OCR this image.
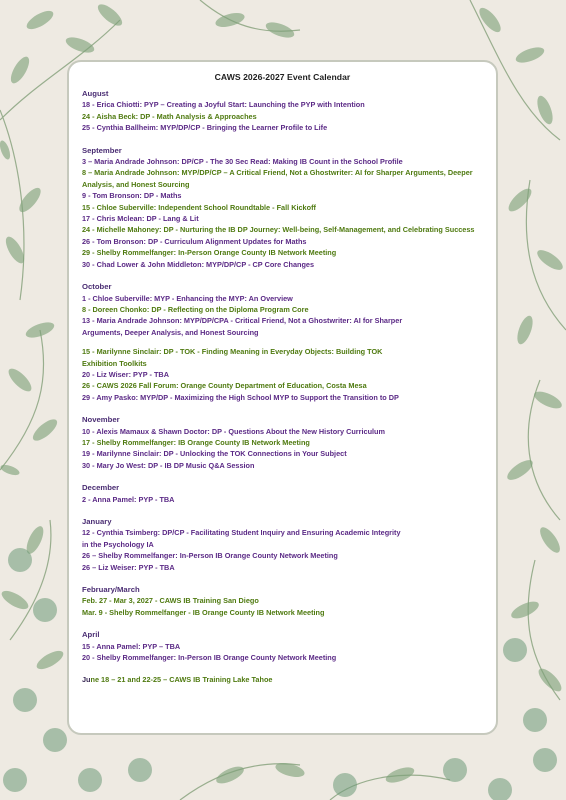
CAWS 2026-2027 Event Calendar
August
18 - Erica Chiotti: PYP – Creating a Joyful Start: Launching the PYP with Intention
24 - Aisha Beck: DP - Math Analysis & Approaches
25 - Cynthia Ballheim: MYP/DP/CP - Bringing the Learner Profile to Life
September
3 – Maria Andrade Johnson: DP/CP - The 30 Sec Read: Making IB Count in the School Profile
8 – Maria Andrade Johnson: MYP/DP/CP – A Critical Friend, Not a Ghostwriter: AI for Sharper Arguments, Deeper
Analysis, and Honest Sourcing
9 - Tom Bronson: DP - Maths
15 - Chloe Suberville: Independent School Roundtable - Fall Kickoff
17 - Chris Mclean: DP - Lang & Lit
24 - Michelle Mahoney: DP - Nurturing the IB DP Journey: Well-being, Self-Management, and Celebrating Success
26 - Tom Bronson: DP - Curriculum Alignment Updates for Maths
29 - Shelby Rommelfanger: In-Person Orange County IB Network Meeting
30 - Chad Lower & John Middleton: MYP/DP/CP - CP Core Changes
October
1 - Chloe Suberville: MYP - Enhancing the MYP: An Overview
8 - Doreen Chonko: DP - Reflecting on the Diploma Program Core
13 - Maria Andrade Johnson: MYP/DP/CPA - Critical Friend, Not a Ghostwriter: AI for Sharper
Arguments, Deeper Analysis, and Honest Sourcing
15 - Marilynne Sinclair: DP - TOK - Finding Meaning in Everyday Objects: Building TOK
Exhibition Toolkits
20 - Liz Wiser: PYP - TBA
26 - CAWS 2026 Fall Forum: Orange County Department of Education, Costa Mesa
29 - Amy Pasko: MYP/DP - Maximizing the High School MYP to Support the Transition to DP
November
10 - Alexis Mamaux & Shawn Doctor: DP - Questions About the New History Curriculum
17 - Shelby Rommelfanger: IB Orange County IB Network Meeting
19 - Marilynne Sinclair: DP - Unlocking the TOK Connections in Your Subject
30 - Mary Jo West: DP - IB DP Music Q&A Session
December
2 - Anna Pamel: PYP - TBA
January
12 - Cynthia Tsimberg: DP/CP - Facilitating Student Inquiry and Ensuring Academic Integrity
in the Psychology IA
26 – Shelby Rommelfanger: In-Person IB Orange County Network Meeting
26 – Liz Weiser: PYP - TBA
February/March
Feb. 27 - Mar 3, 2027 - CAWS IB Training San Diego
Mar. 9 - Shelby Rommelfanger - IB Orange County IB Network Meeting
April
15 - Anna Pamel: PYP – TBA
20 - Shelby Rommelfanger: In-Person IB Orange County Network Meeting
June 18 – 21 and 22-25 – CAWS IB Training Lake Tahoe
